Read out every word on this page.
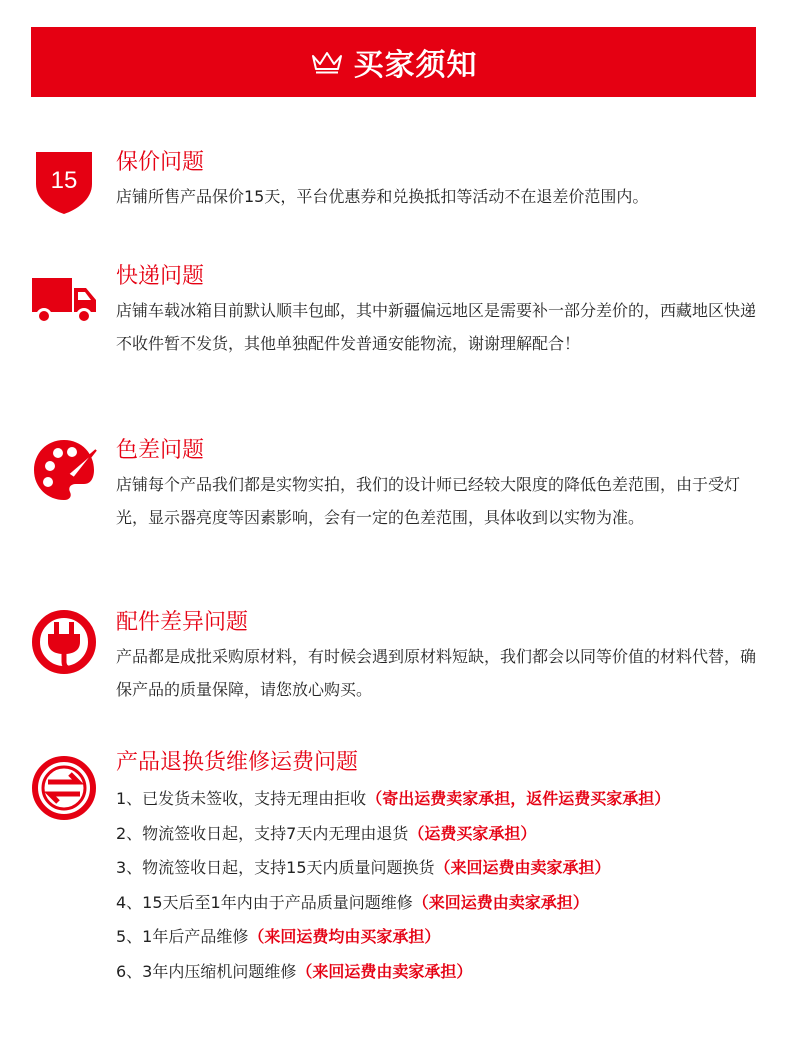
买家须知
15
保价问题

店铺所售产品保价15天，平台优惠券和兑换抵扣等活动不在退差价范围内。

快递问题

店铺车载冰箱目前默认顺丰包邮，其中新疆偏远地区是需要补一部分差价的，西藏地区快递不收件暂不发货，其他单独配件发普通安能物流，谢谢理解配合！

色差问题

店铺每个产品我们都是实物实拍，我们的设计师已经较大限度的降低色差范围，由于受灯光，显示器亮度等因素影响，会有一定的色差范围，具体收到以实物为准。

配件差异问题

产品都是成批采购原材料，有时候会遇到原材料短缺，我们都会以同等价值的材料代替，确保产品的质量保障，请您放心购买。

产品退换货维修运费问题
1、已发货未签收，支持无理由拒收（寄出运费卖家承担，返件运费买家承担）
2、物流签收日起，支持7天内无理由退货（运费买家承担）
3、物流签收日起，支持15天内质量问题换货（来回运费由卖家承担）
4、15天后至1年内由于产品质量问题维修（来回运费由卖家承担）
5、1年后产品维修（来回运费均由买家承担）
6、3年内压缩机问题维修（来回运费由卖家承担）
